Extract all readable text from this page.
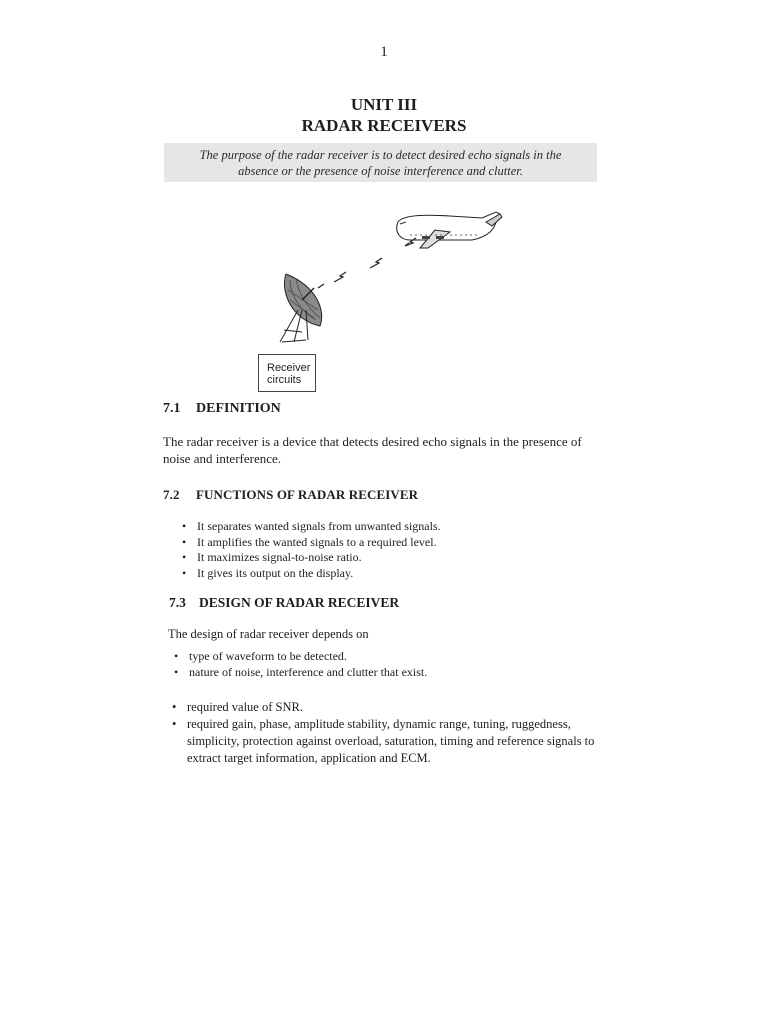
1
UNIT III
RADAR RECEIVERS
The purpose of the radar receiver is to detect desired echo signals in the
absence or the presence of noise interference and clutter.
Receiver
circuits
7.1 DEFINITION
The radar receiver is a device that detects desired echo signals in the presence of noise and interference.
7.2 FUNCTIONS OF RADAR RECEIVER
• It separates wanted signals from unwanted signals.
• It amplifies the wanted signals to a required level.
• It maximizes signal-to-noise ratio.
• It gives its output on the display.
7.3 DESIGN OF RADAR RECEIVER
The design of radar receiver depends on
• type of waveform to be detected.
• nature of noise, interference and clutter that exist.
• required value of SNR.
• required gain, phase, amplitude stability, dynamic range, tuning, ruggedness, simplicity, protection against overload, saturation, timing and reference signals to extract target information, application and ECM.
